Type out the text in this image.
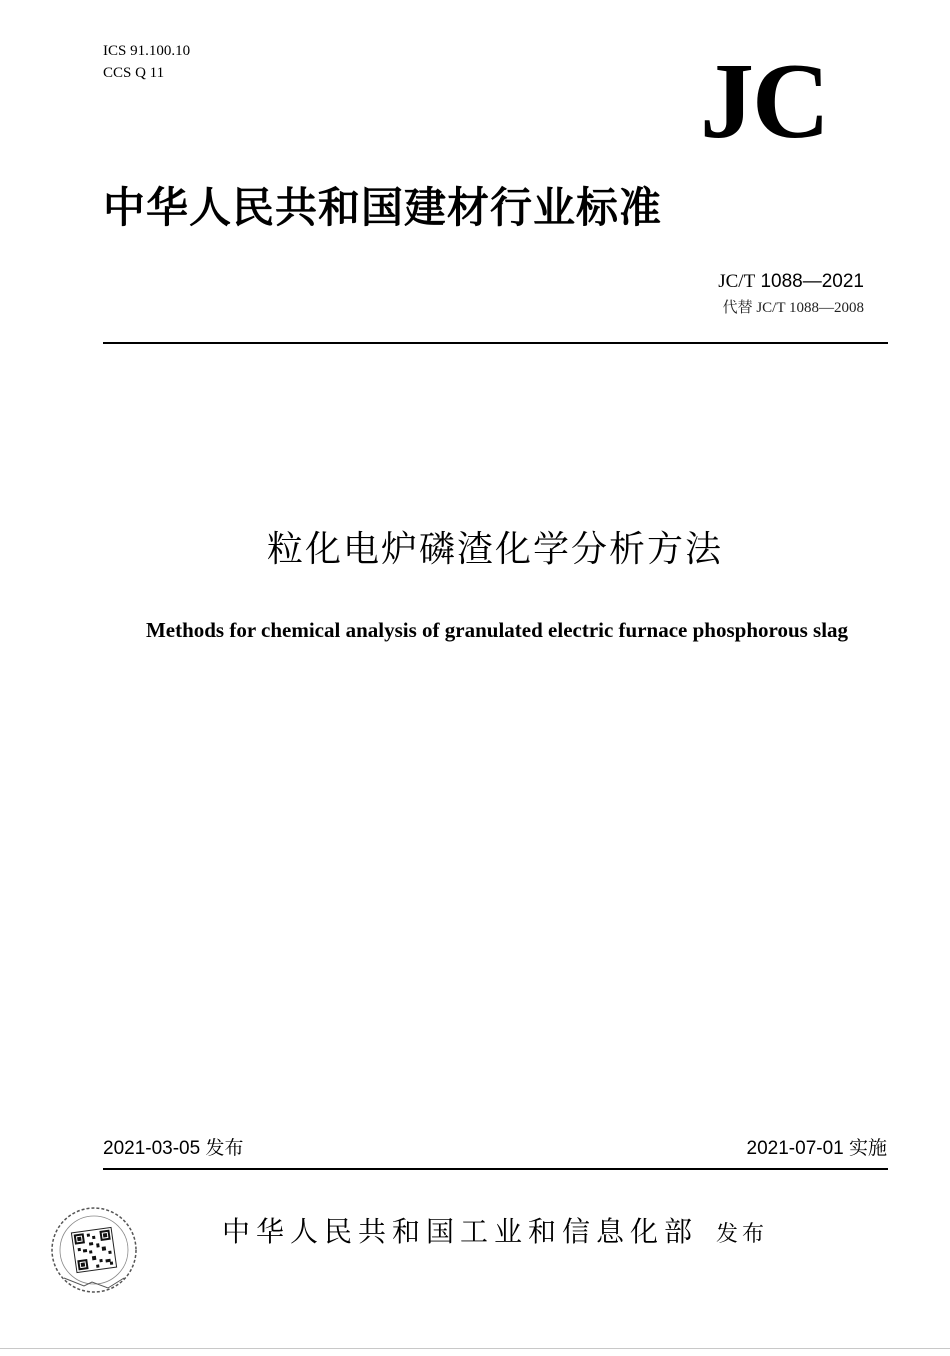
ICS 91.100.10
CCS Q 11	JC
中华人民共和国建材行业标准
JC/T 1088—2021
代替 JC/T 1088—2008
粒化电炉磷渣化学分析方法
Methods for chemical analysis of granulated electric furnace phosphorous slag
2021-03-05 发布	2021-07-01 实施
中华人民共和国工业和信息化部 发布
